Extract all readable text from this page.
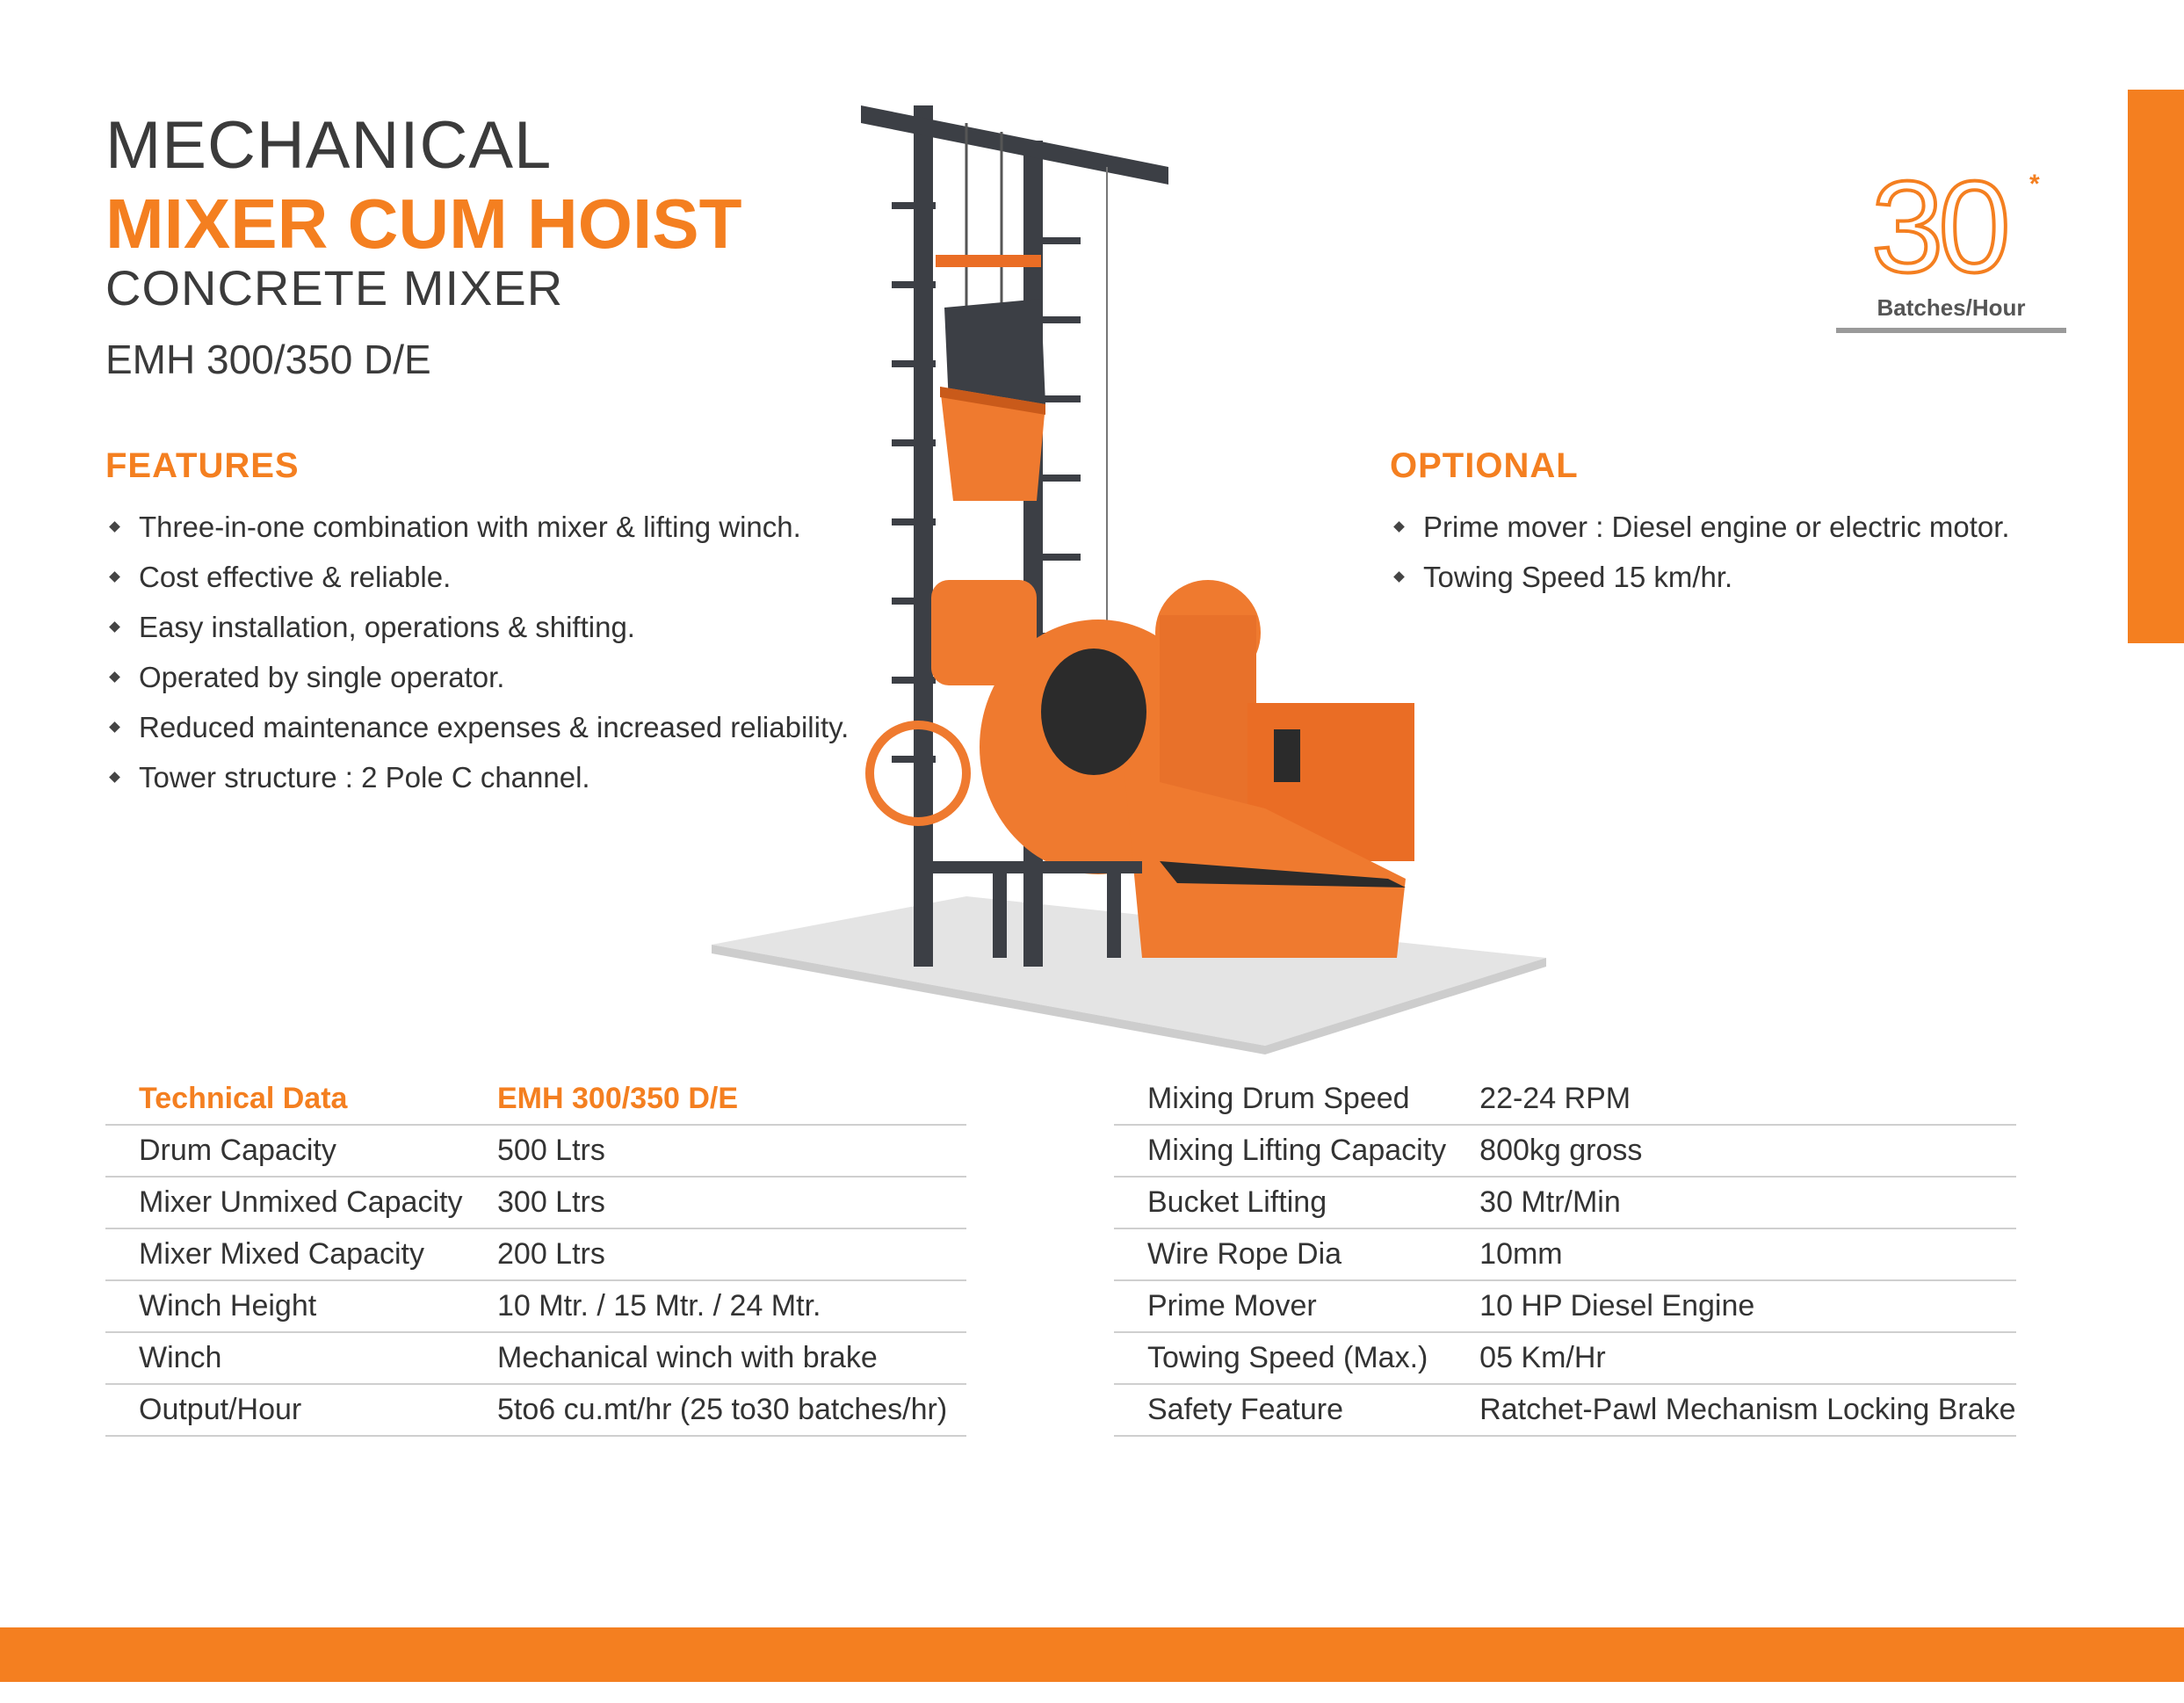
MECHANICAL
MIXER CUM HOIST
CONCRETE MIXER
EMH 300/350 D/E
30 *
Batches/Hour
FEATURES
Three-in-one combination with mixer & lifting winch.
Cost effective & reliable.
Easy installation, operations & shifting.
Operated by single operator.
Reduced maintenance expenses & increased reliability.
Tower structure : 2 Pole C channel.
OPTIONAL
Prime mover : Diesel engine or electric motor.
Towing Speed 15 km/hr.
Technical Data	EMH 300/350 D/E
Drum Capacity	500 Ltrs
Mixer Unmixed Capacity	300 Ltrs
Mixer Mixed Capacity	200 Ltrs
Winch Height	10 Mtr. / 15 Mtr. / 24 Mtr.
Winch	Mechanical winch with brake
Output/Hour	5to6 cu.mt/hr (25 to30 batches/hr)
Mixing Drum Speed	22-24 RPM
Mixing Lifting Capacity	800kg gross
Bucket Lifting	30 Mtr/Min
Wire Rope Dia	10mm
Prime Mover	10 HP Diesel Engine
Towing Speed (Max.)	05 Km/Hr
Safety Feature	Ratchet-Pawl Mechanism Locking Brake
